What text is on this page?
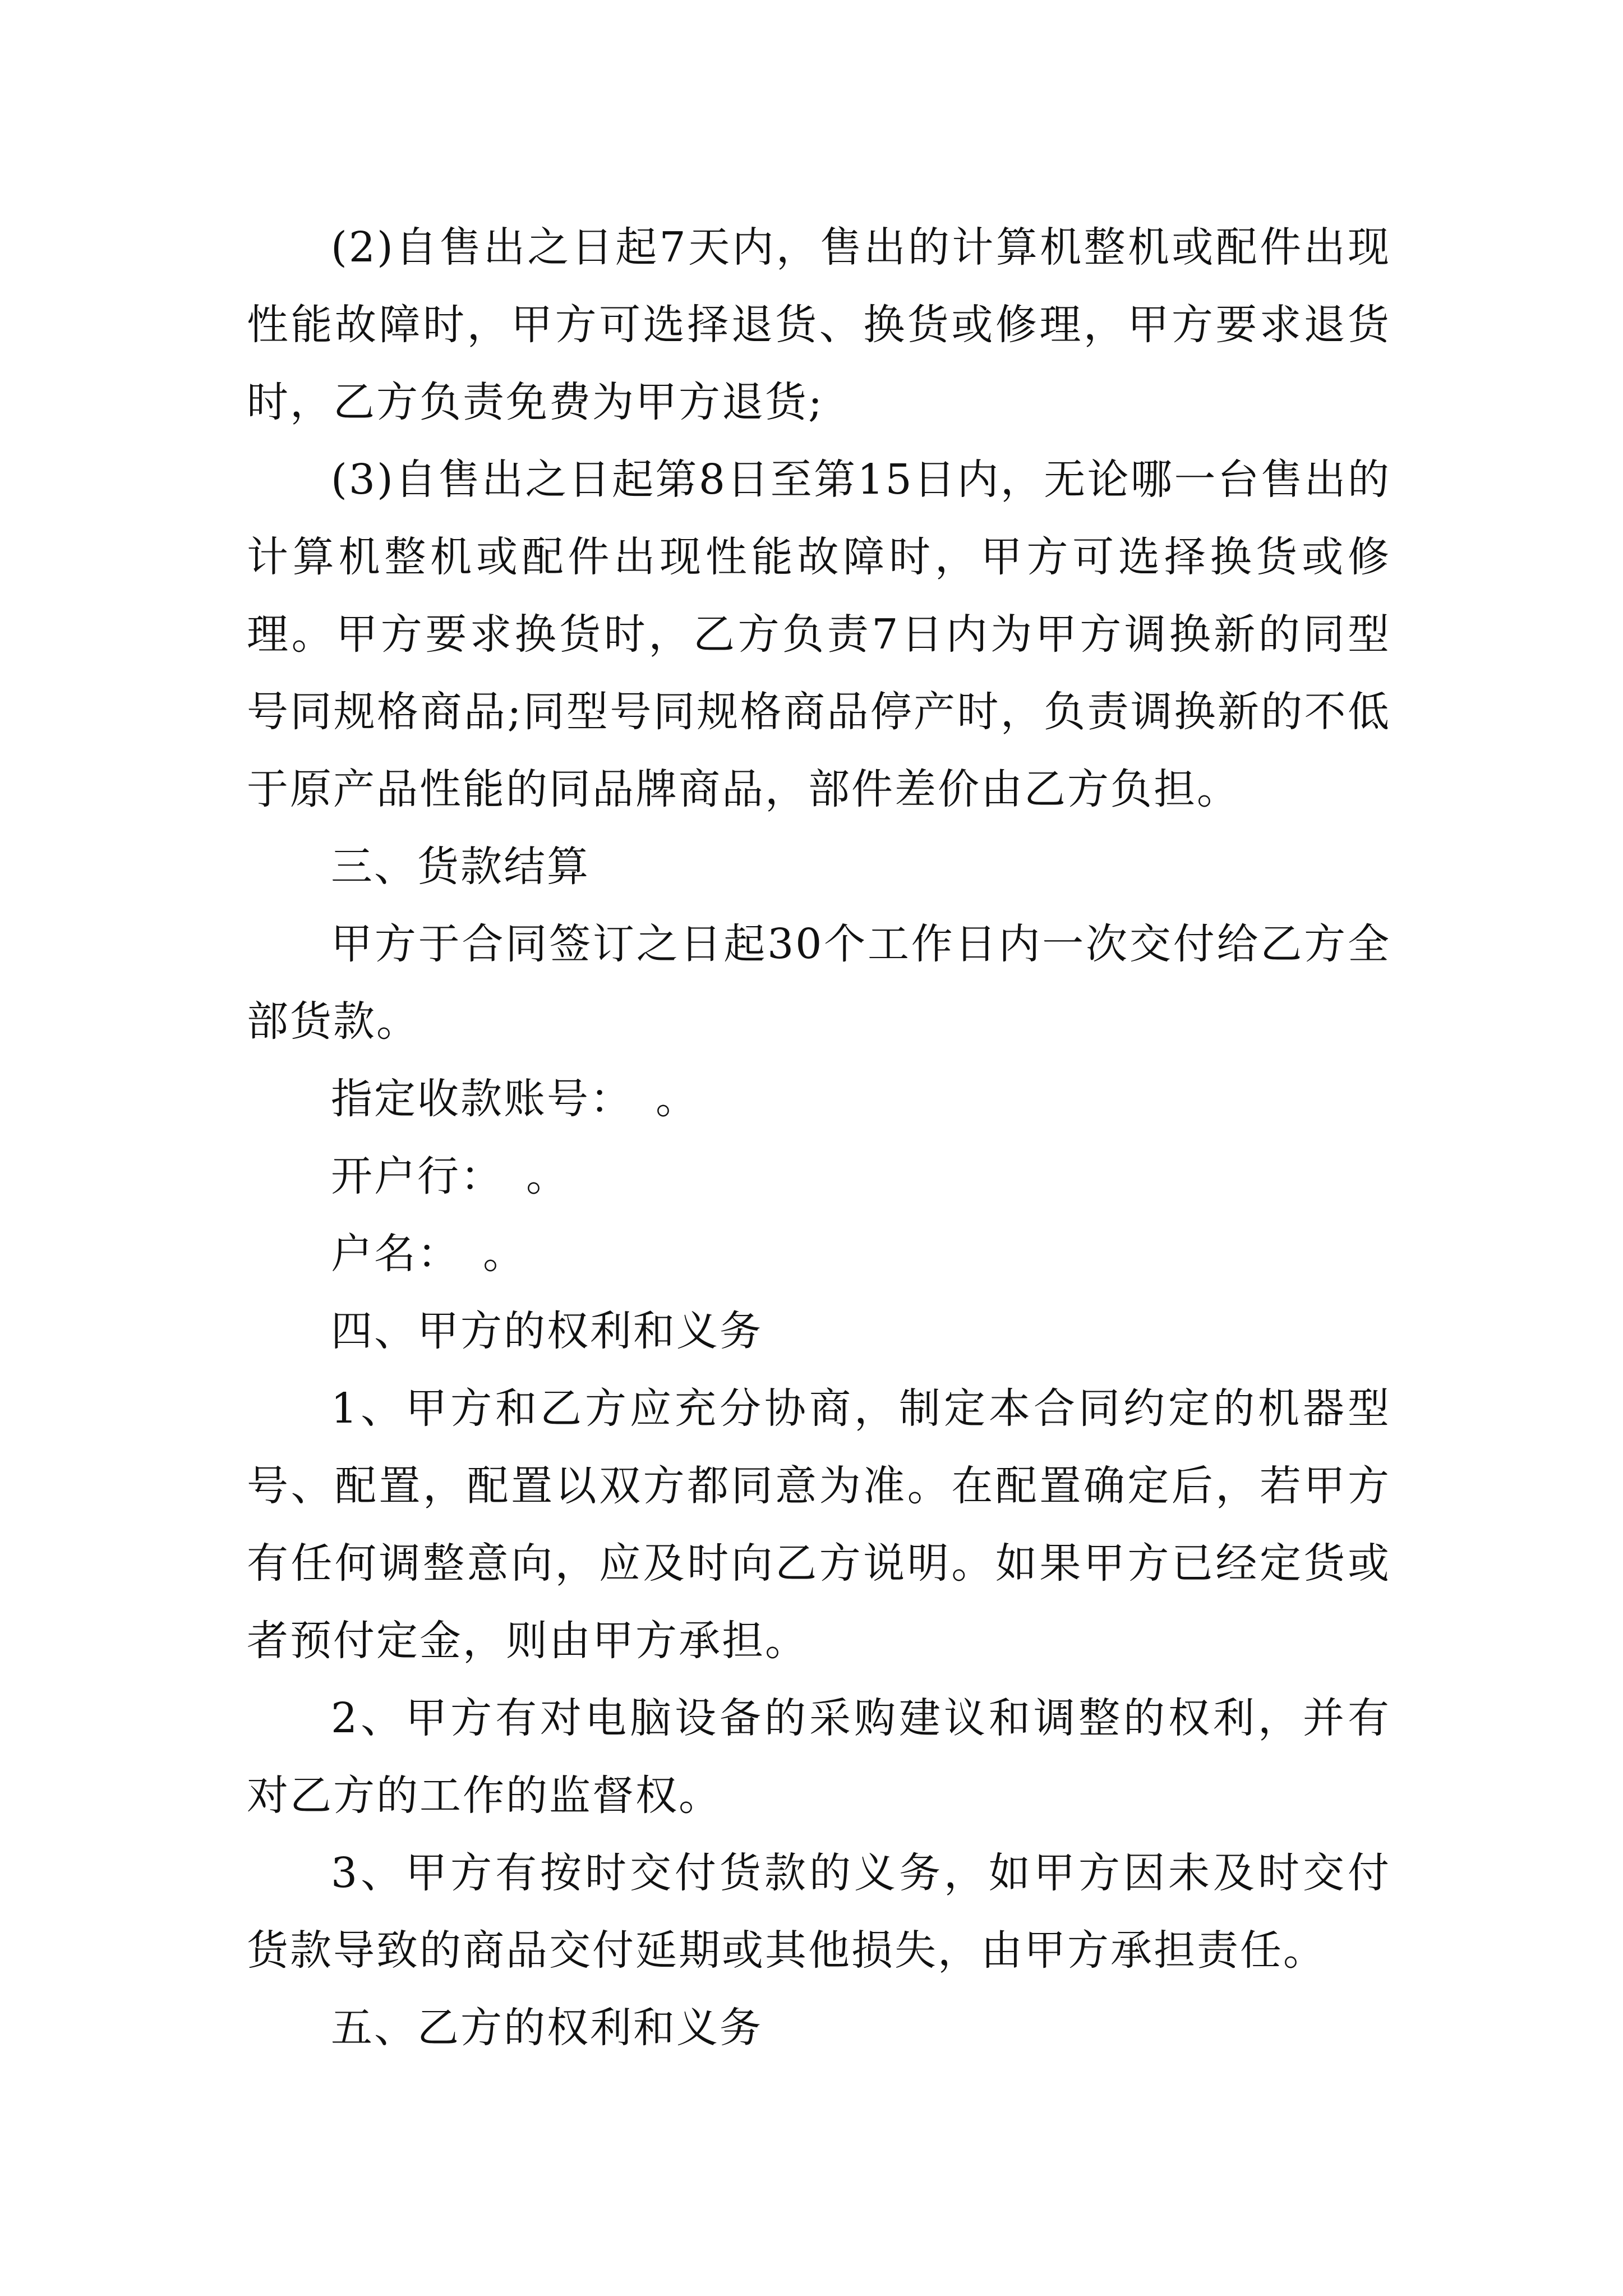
(2)自售出之日起7天内，售出的计算机整机或配件出现性能故障时，甲方可选择退货、换货或修理，甲方要求退货时，乙方负责免费为甲方退货;

(3)自售出之日起第8日至第15日内，无论哪一台售出的计算机整机或配件出现性能故障时，甲方可选择换货或修理。甲方要求换货时，乙方负责7日内为甲方调换新的同型号同规格商品;同型号同规格商品停产时，负责调换新的不低于原产品性能的同品牌商品，部件差价由乙方负担。

三、货款结算

甲方于合同签订之日起30个工作日内一次交付给乙方全部货款。

指定收款账号：　。

开户行：　。

户名：　。

四、甲方的权利和义务

1、甲方和乙方应充分协商，制定本合同约定的机器型号、配置，配置以双方都同意为准。在配置确定后，若甲方有任何调整意向，应及时向乙方说明。如果甲方已经定货或者预付定金，则由甲方承担。

2、甲方有对电脑设备的采购建议和调整的权利，并有对乙方的工作的监督权。

3、甲方有按时交付货款的义务，如甲方因未及时交付货款导致的商品交付延期或其他损失，由甲方承担责任。

五、乙方的权利和义务
